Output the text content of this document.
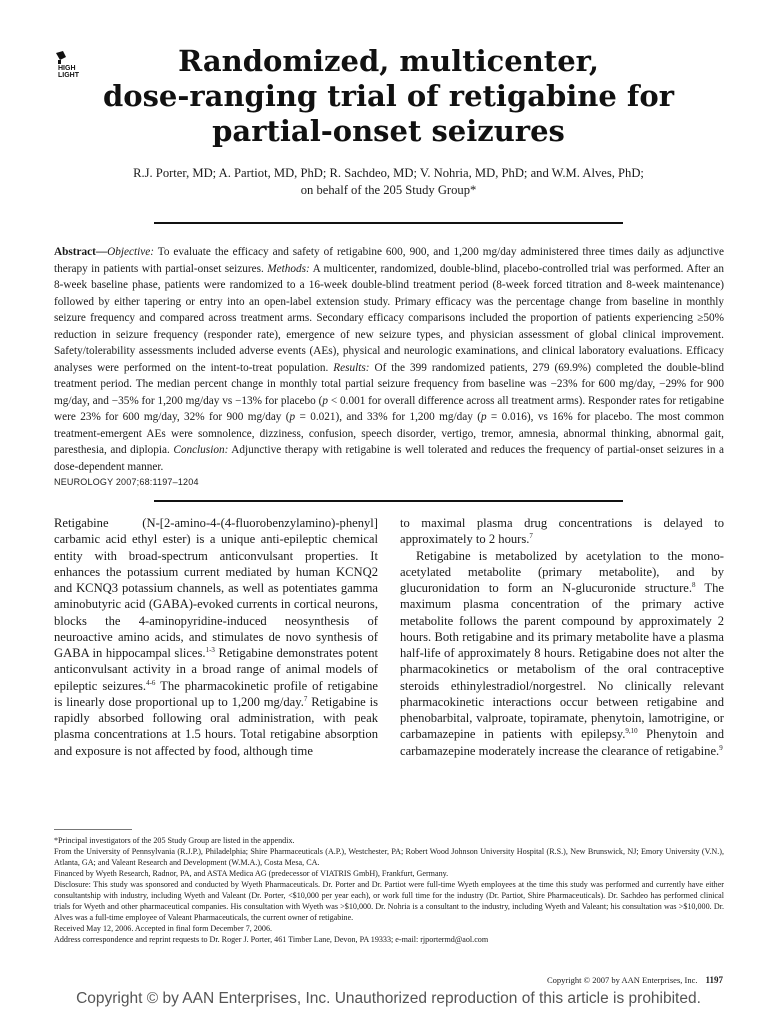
HIGH
LIGHT	Randomized, multicenter,
dose-ranging trial of retigabine for
partial-onset seizures
R.J. Porter, MD; A. Partiot, MD, PhD; R. Sachdeo, MD; V. Nohria, MD, PhD; and W.M. Alves, PhD;
on behalf of the 205 Study Group*

Abstract—Objective: To evaluate the efficacy and safety of retigabine 600, 900, and 1,200 mg/day administered three times daily as adjunctive therapy in patients with partial-onset seizures. Methods: A multicenter, randomized, double-blind, placebo-controlled trial was performed. After an 8-week baseline phase, patients were randomized to a 16-week double-blind treatment period (8-week forced titration and 8-week maintenance) followed by either tapering or entry into an open-label extension study. Primary efficacy was the percentage change from baseline in monthly seizure frequency and compared across treatment arms. Secondary efficacy comparisons included the proportion of patients experiencing ≥50% reduction in seizure frequency (responder rate), emergence of new seizure types, and physician assessment of global clinical improvement. Safety/tolerability assessments included adverse events (AEs), physical and neurologic examinations, and clinical laboratory evaluations. Efficacy analyses were performed on the intent-to-treat population. Results: Of the 399 randomized patients, 279 (69.9%) completed the double-blind treatment period. The median percent change in monthly total partial seizure frequency from baseline was −23% for 600 mg/day, −29% for 900 mg/day, and −35% for 1,200 mg/day vs −13% for placebo (p < 0.001 for overall difference across all treatment arms). Responder rates for retigabine were 23% for 600 mg/day, 32% for 900 mg/day (p = 0.021), and 33% for 1,200 mg/day (p = 0.016), vs 16% for placebo. The most common treatment-emergent AEs were somnolence, dizziness, confusion, speech disorder, vertigo, tremor, amnesia, abnormal thinking, abnormal gait, paresthesia, and diplopia. Conclusion: Adjunctive therapy with retigabine is well tolerated and reduces the frequency of partial-onset seizures in a dose-dependent manner.

NEUROLOGY 2007;68:1197–1204

Retigabine (N-[2-amino-4-(4-fluorobenzylamino)-phenyl] carbamic acid ethyl ester) is a unique anti-epileptic chemical entity with broad-spectrum anticonvulsant properties. It enhances the potassium current mediated by human KCNQ2 and KCNQ3 potassium channels, as well as potentiates gamma aminobutyric acid (GABA)-evoked currents in cortical neurons, blocks the 4-aminopyridine-induced neosynthesis of neuroactive amino acids, and stimulates de novo synthesis of GABA in hippocampal slices.$^{1-3}$ Retigabine demonstrates potent anticonvulsant activity in a broad range of animal models of epileptic seizures.$^{4-6}$ The pharmacokinetic profile of retigabine is linearly dose proportional up to 1,200 mg/day.$^7$ Retigabine is rapidly absorbed following oral administration, with peak plasma concentrations at 1.5 hours. Total retigabine absorption and exposure is not affected by food, although time

to maximal plasma drug concentrations is delayed to approximately to 2 hours.$^7$

Retigabine is metabolized by acetylation to the mono-acetylated metabolite (primary metabolite), and by glucuronidation to form an N-glucuronide structure.$^8$ The maximum plasma concentration of the primary active metabolite follows the parent compound by approximately 2 hours. Both retigabine and its primary metabolite have a plasma half-life of approximately 8 hours. Retigabine does not alter the pharmacokinetics or metabolism of the oral contraceptive steroids ethinylestradiol/norgestrel. No clinically relevant pharmacokinetic interactions occur between retigabine and phenobarbital, valproate, topiramate, phenytoin, lamotrigine, or carbamazepine in patients with epilepsy.$^{9,10}$ Phenytoin and carbamazepine moderately increase the clearance of retigabine.$^9$

*Principal investigators of the 205 Study Group are listed in the appendix.

From the University of Pennsylvania (R.J.P.), Philadelphia; Shire Pharmaceuticals (A.P.), Westchester, PA; Robert Wood Johnson University Hospital (R.S.), New Brunswick, NJ; Emory University (V.N.), Atlanta, GA; and Valeant Research and Development (W.M.A.), Costa Mesa, CA.

Financed by Wyeth Research, Radnor, PA, and ASTA Medica AG (predecessor of VIATRIS GmbH), Frankfurt, Germany.

Disclosure: This study was sponsored and conducted by Wyeth Pharmaceuticals. Dr. Porter and Dr. Partiot were full-time Wyeth employees at the time this study was performed and currently have either consultantship with industry, including Wyeth and Valeant (Dr. Porter, <$10,000 per year each), or work full time for the industry (Dr. Partiot, Shire Pharmaceuticals). Dr. Sachdeo has performed clinical trials for Wyeth and other pharmaceutical companies. His consultation with Wyeth was >$10,000. Dr. Nohria is a consultant to the industry, including Wyeth and Valeant; his consultation was >$10,000. Dr. Alves was a full-time employee of Valeant Pharmaceuticals, the current owner of retigabine.

Received May 12, 2006. Accepted in final form December 7, 2006.

Address correspondence and reprint requests to Dr. Roger J. Porter, 461 Timber Lane, Devon, PA 19333; e-mail: rjportermd@aol.com

Copyright © 2007 by AAN Enterprises, Inc. 1197
Copyright © by AAN Enterprises, Inc. Unauthorized reproduction of this article is prohibited.
